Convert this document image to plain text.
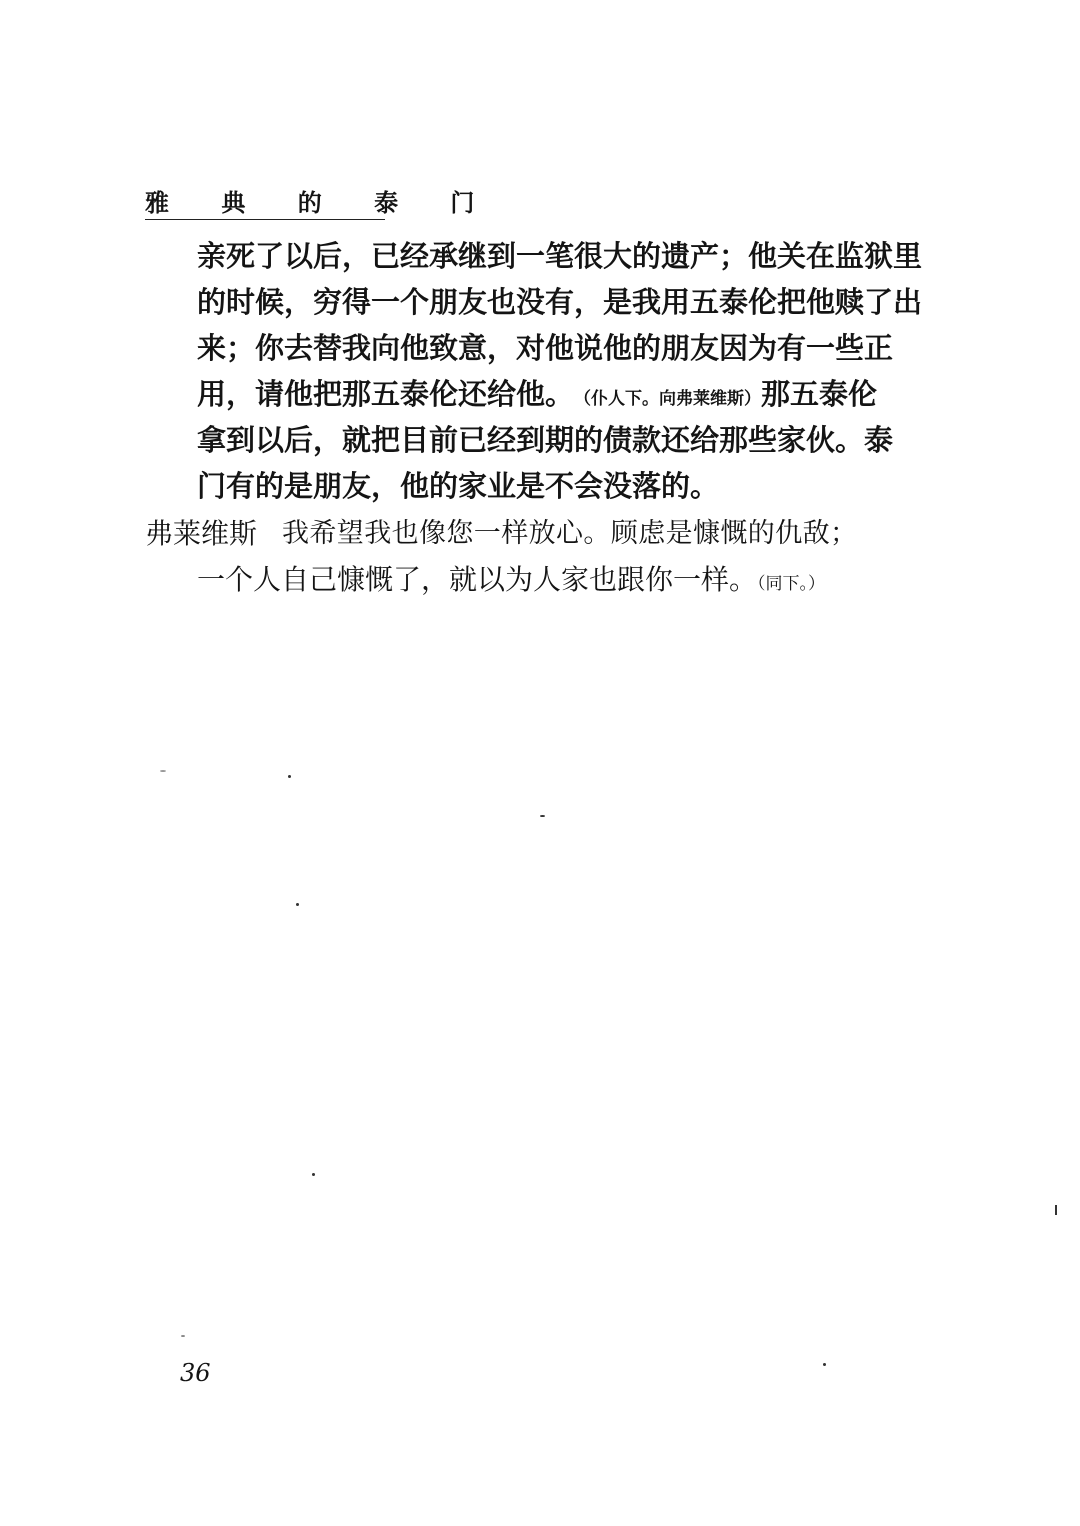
雅 典 的 泰 门
亲死了以后，已经承继到一笔很大的遗产；他关在监狱里
的时候，穷得一个朋友也没有，是我用五泰伦把他赎了出
来；你去替我向他致意，对他说他的朋友因为有一些正
用，请他把那五泰伦还给他。 （仆人下。向弗莱维斯） 那五泰伦
拿到以后，就把目前已经到期的债款还给那些家伙。泰
门有的是朋友，他的家业是不会没落的。
弗莱维斯 我希望我也像您一样放心。顾虑是慷慨的仇敌；
一个人自己慷慨了，就以为人家也跟你一样。（同下。）
36
